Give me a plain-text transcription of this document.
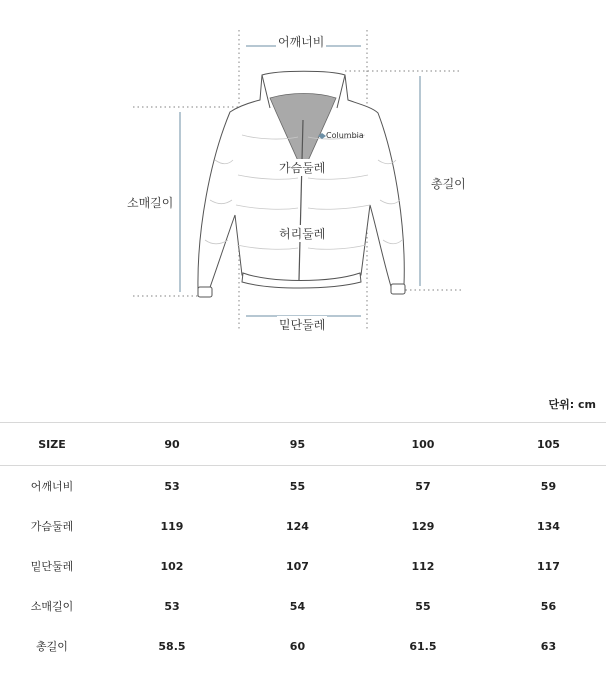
Columbia
어깨너비
가슴둘레
허리둘레
밑단둘레
소매길이
총길이
단위: cm
SIZE	90	95	100	105
어깨너비	53	55	57	59
가슴둘레	119	124	129	134
밑단둘레	102	107	112	117
소매길이	53	54	55	56
총길이	58.5	60	61.5	63
